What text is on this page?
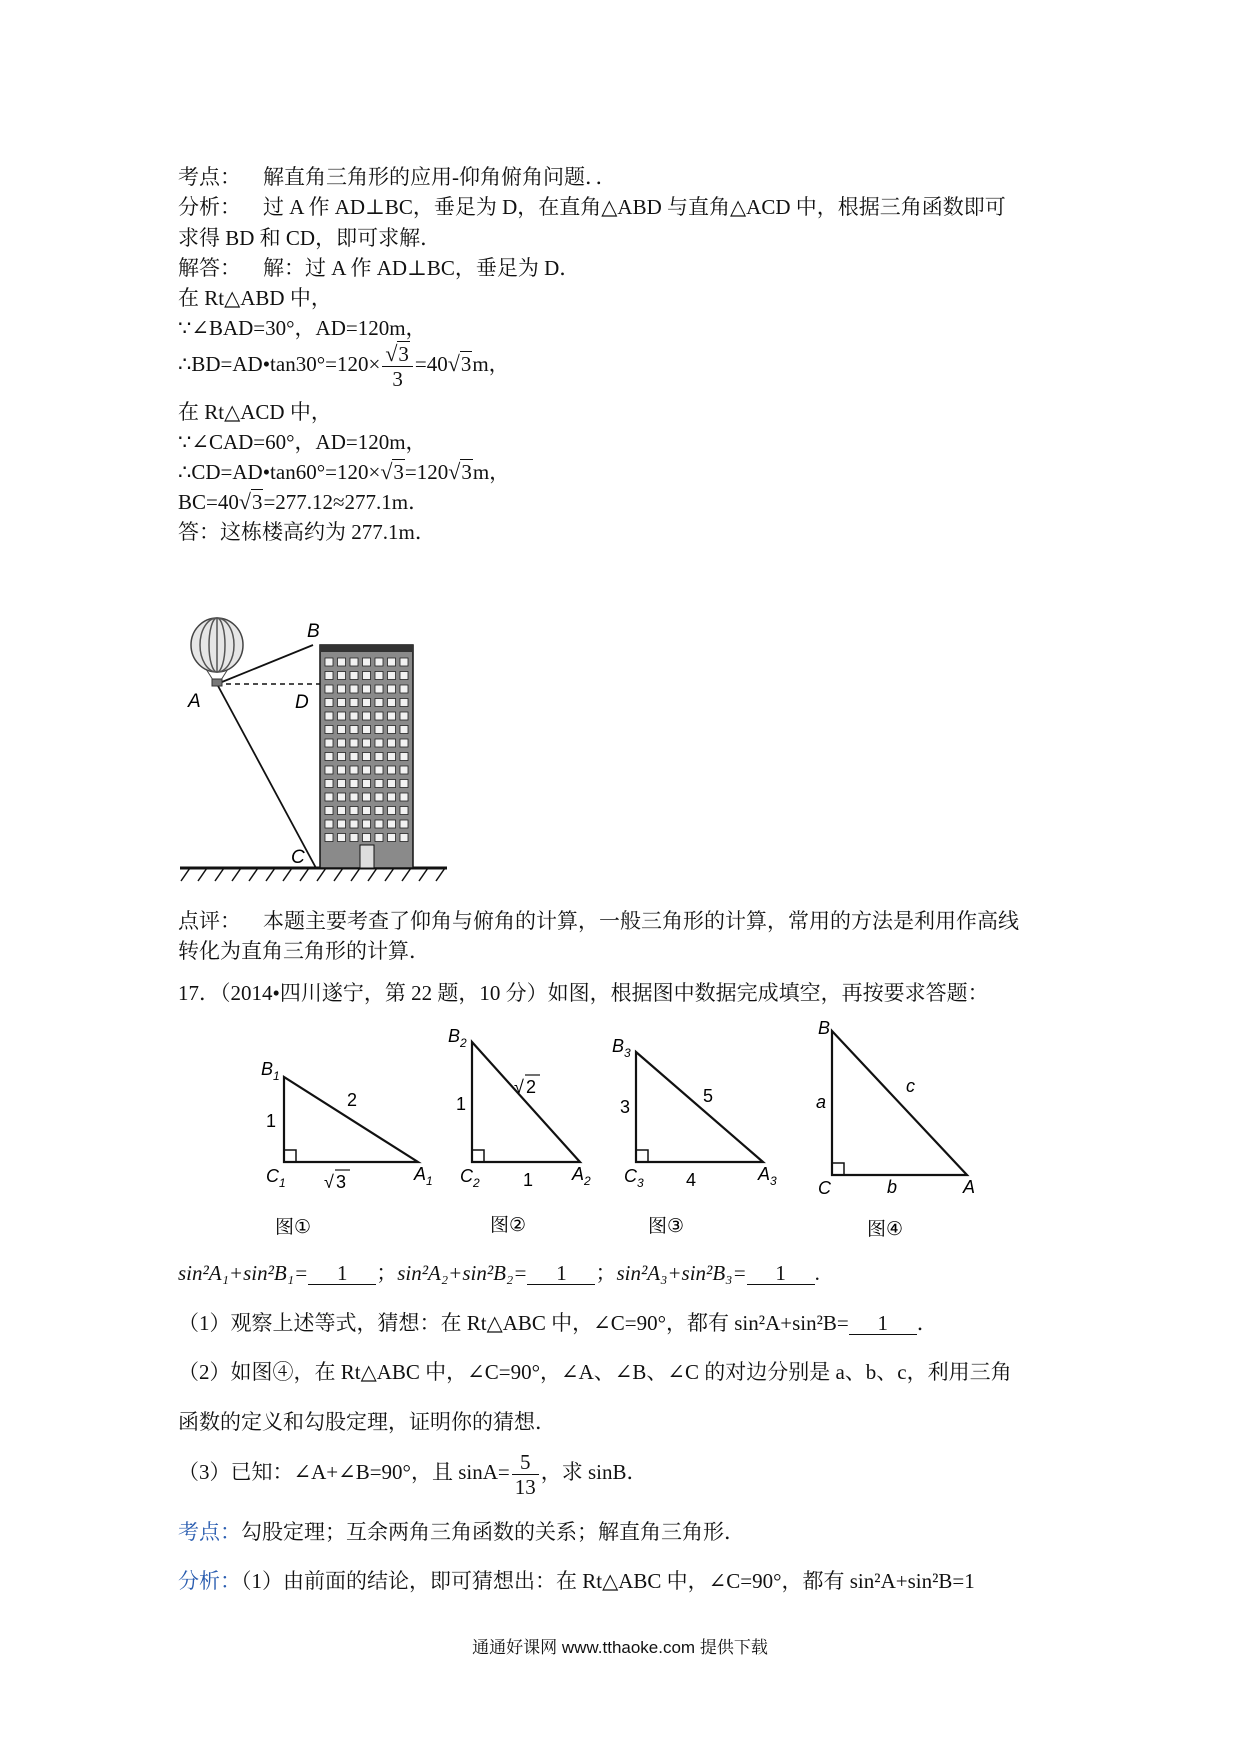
考点： 解直角三角形的应用-仰角俯角问题．．
分析： 过 A 作 AD⊥BC，垂足为 D，在直角△ABD 与直角△ACD 中，根据三角函数即可
求得 BD 和 CD，即可求解．
解答： 解：过 A 作 AD⊥BC，垂足为 D．
在 Rt△ABD 中，
∵∠BAD=30°，AD=120m，
∴BD=AD•tan30°=120× $\frac{√3}{3} =40√3m$，
在 Rt△ACD 中，
∵∠CAD=60°，AD=120m，
∴CD=AD•tan60°=120×√3=120√3m，
BC=40√3=277.12≈277.1m．
答：这栋楼高约为 277.1m．
B
A	D
C
点评： 本题主要考查了仰角与俯角的计算，一般三角形的计算，常用的方法是利用作高线
转化为直角三角形的计算．
17．（2014•四川遂宁，第 22 题，10 分）如图，根据图中数据完成填空，再按要求答题：
$B_1$
$C_1$	$A_1$
1
2
√ 3
图①
$B_2$
$C_2$	$A_2$
1
√ 2
1
图②
$B_3$
$C_3$	$A_3$
3
5
4
图③
B
C	A
a
c
b
图④
sin²A₁+sin²B₁= 1 ；sin²A₂+sin²B₂= 1 ；sin²A₃+sin²B₃= 1 .
（1）观察上述等式，猜想：在 Rt△ABC 中，∠C=90°，都有 sin²A+sin²B= 1 ．
（2）如图④，在 Rt△ABC 中，∠C=90°，∠A、∠B、∠C 的对边分别是 a、b、c，利用三角
函数的定义和勾股定理，证明你的猜想．
（3）已知：∠A+∠B=90°，且 $\sin A= \frac{5}{13}$ ，求 sinB．
考点：勾股定理；互余两角三角函数的关系；解直角三角形．
分析：（1）由前面的结论，即可猜想出：在 Rt△ABC 中，∠C=90°，都有 sin²A+sin²B=1
通通好课网 www.tthaoke.com 提供下载
